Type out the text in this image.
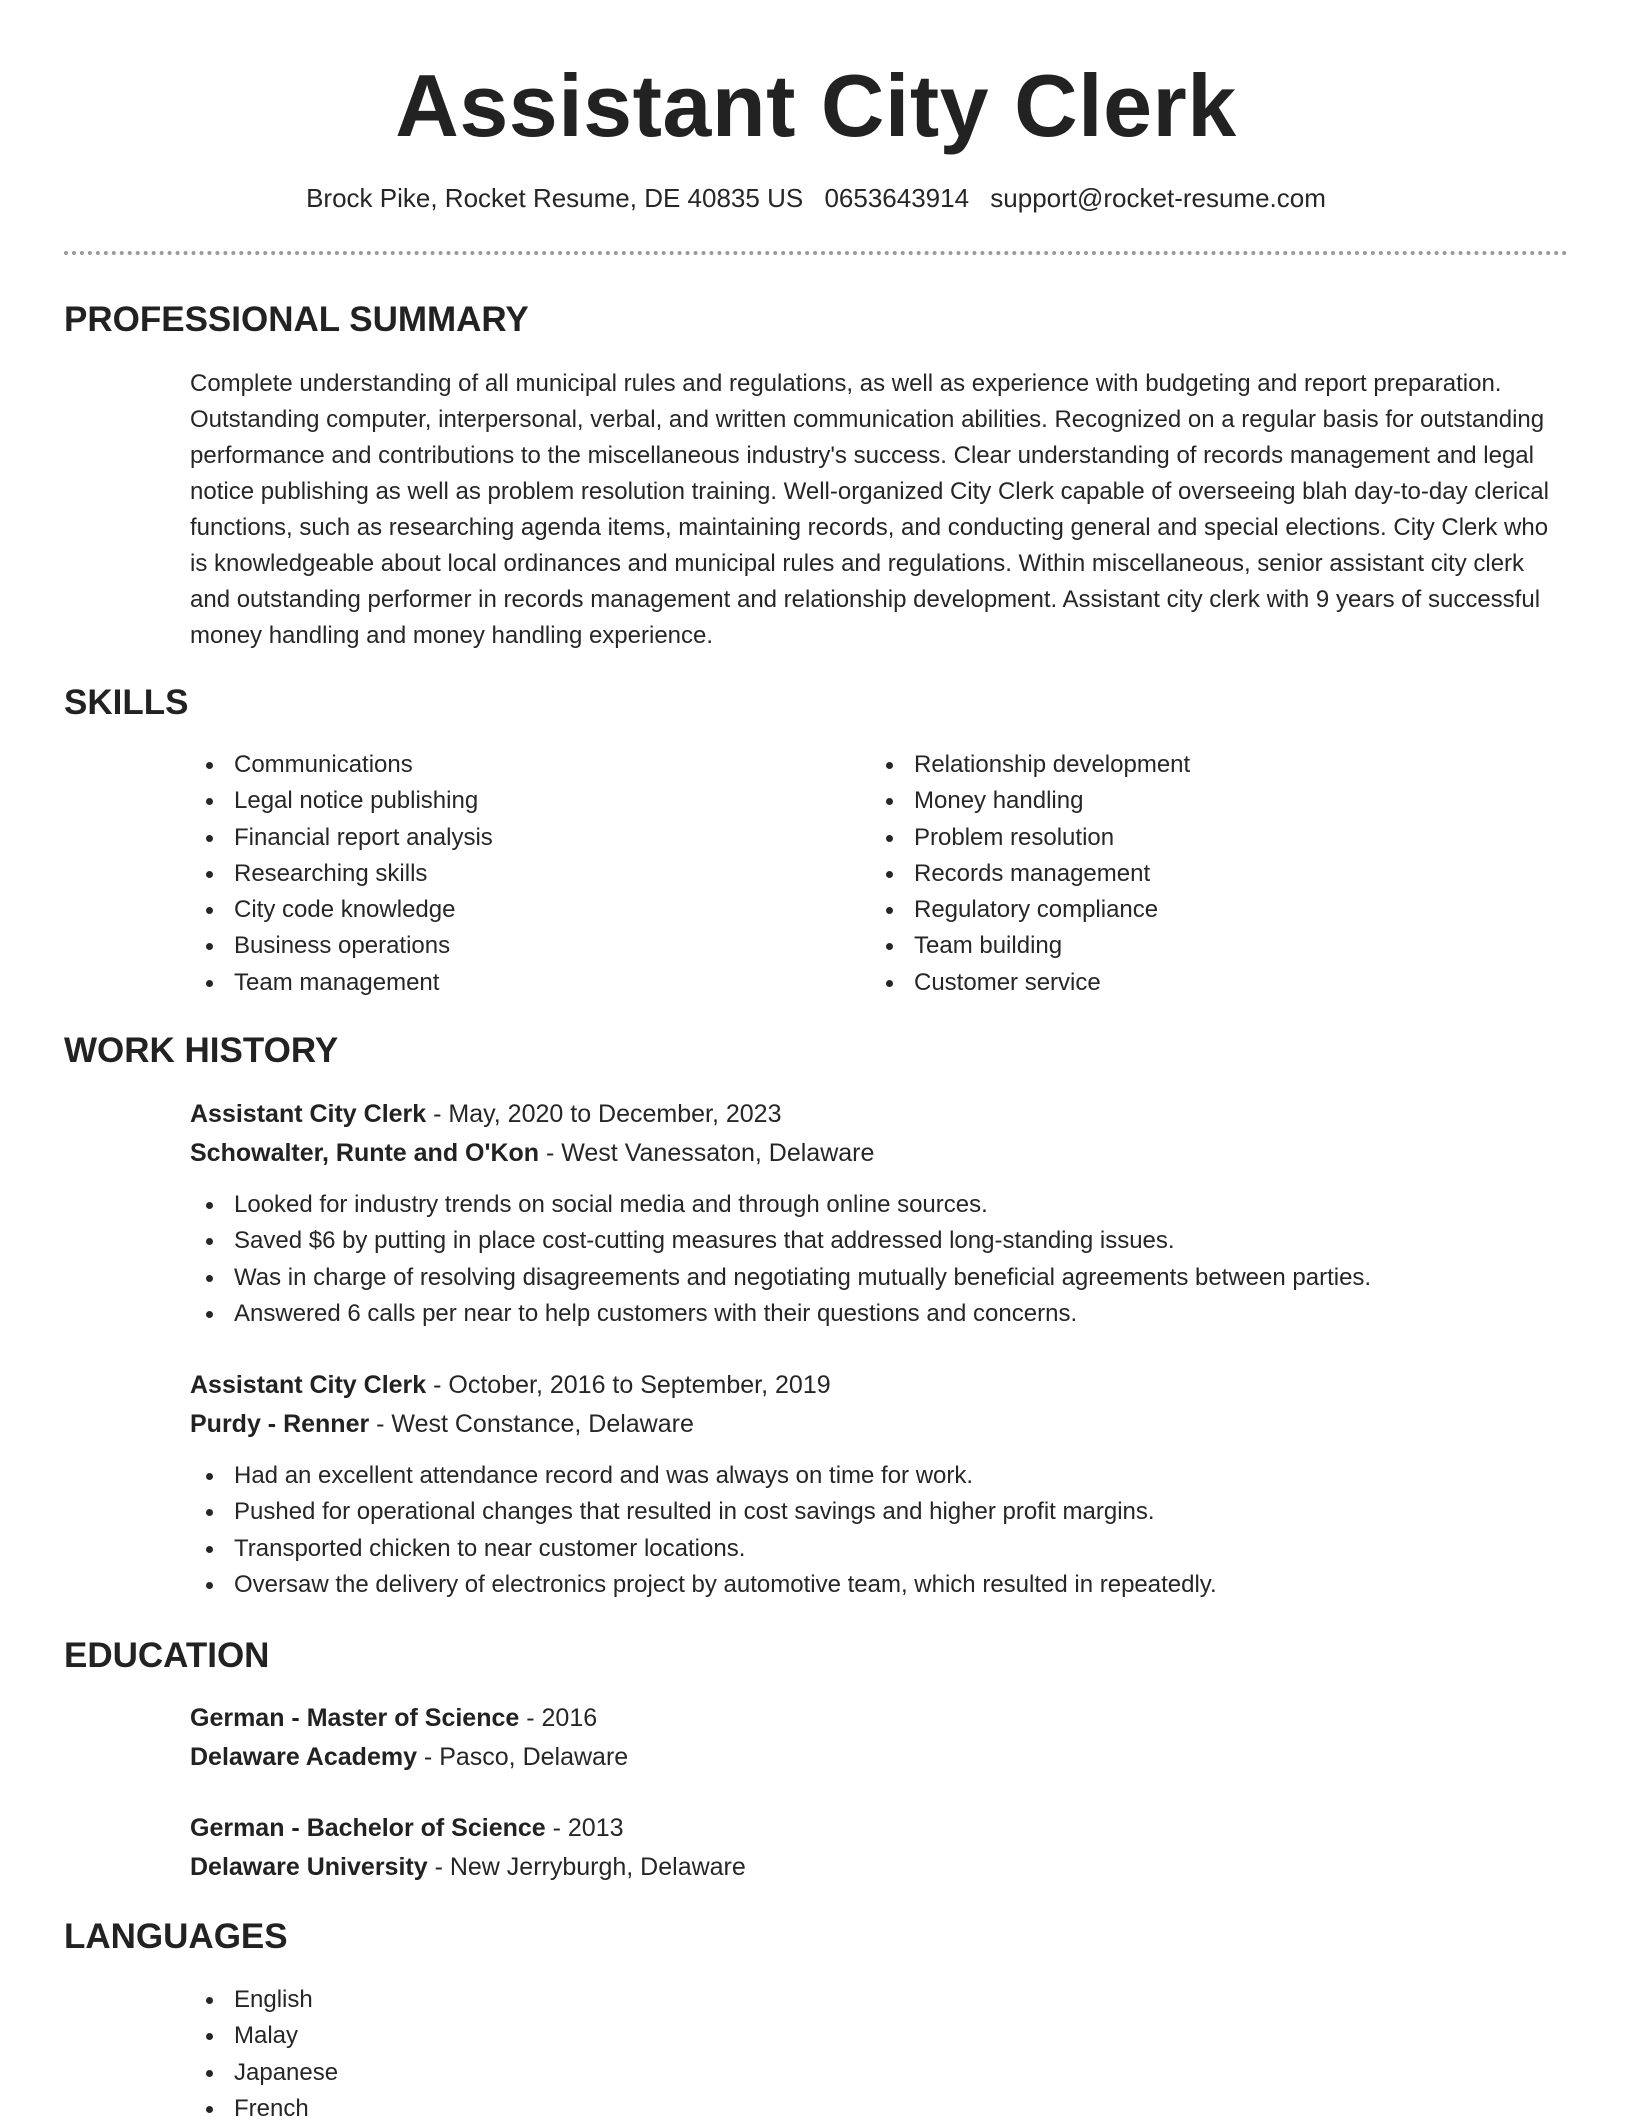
Assistant City Clerk
Brock Pike, Rocket Resume, DE 40835 US 0653643914 support@rocket-resume.com
PROFESSIONAL SUMMARY

Complete understanding of all municipal rules and regulations, as well as experience with budgeting and report preparation. Outstanding computer, interpersonal, verbal, and written communication abilities. Recognized on a regular basis for outstanding performance and contributions to the miscellaneous industry's success. Clear understanding of records management and legal notice publishing as well as problem resolution training. Well-organized City Clerk capable of overseeing blah day-to-day clerical functions, such as researching agenda items, maintaining records, and conducting general and special elections. City Clerk who is knowledgeable about local ordinances and municipal rules and regulations. Within miscellaneous, senior assistant city clerk and outstanding performer in records management and relationship development. Assistant city clerk with 9 years of successful money handling and money handling experience.

SKILLS
Communications
Legal notice publishing
Financial report analysis
Researching skills
City code knowledge
Business operations
Team management
Relationship development
Money handling
Problem resolution
Records management
Regulatory compliance
Team building
Customer service
WORK HISTORY

Assistant City Clerk - May, 2020 to December, 2023

Schowalter, Runte and O'Kon - West Vanessaton, Delaware

Looked for industry trends on social media and through online sources.
Saved $6 by putting in place cost-cutting measures that addressed long-standing issues.
Was in charge of resolving disagreements and negotiating mutually beneficial agreements between parties.
Answered 6 calls per near to help customers with their questions and concerns.

Assistant City Clerk - October, 2016 to September, 2019

Purdy - Renner - West Constance, Delaware

Had an excellent attendance record and was always on time for work.
Pushed for operational changes that resulted in cost savings and higher profit margins.
Transported chicken to near customer locations.
Oversaw the delivery of electronics project by automotive team, which resulted in repeatedly.
EDUCATION

German - Master of Science - 2016

Delaware Academy - Pasco, Delaware

German - Bachelor of Science - 2013

Delaware University - New Jerryburgh, Delaware

LANGUAGES
English
Malay
Japanese
French
